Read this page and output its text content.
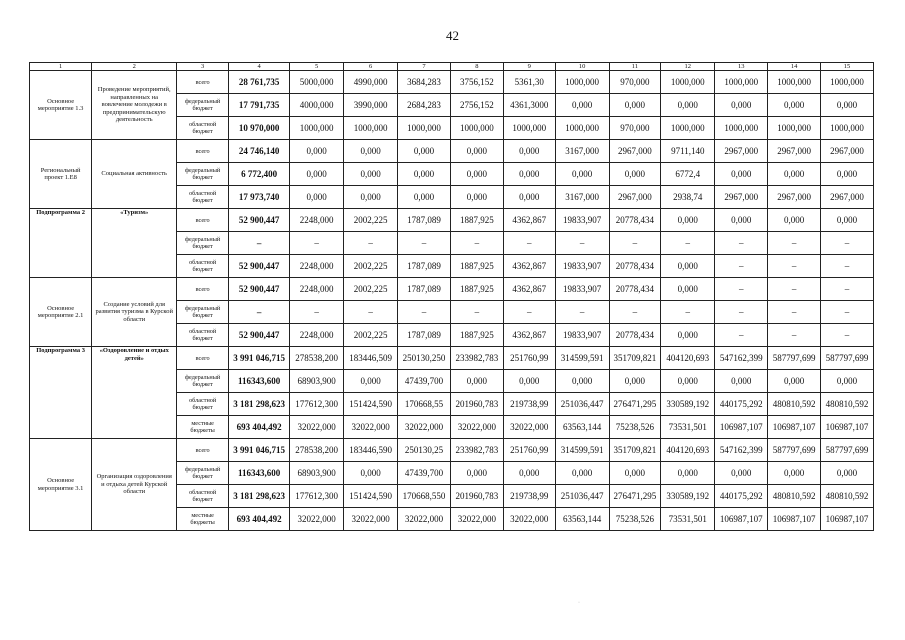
42
1	2	3	4	5	6	7	8	9	10	11	12	13	14	15
Основное мероприятие 1.3	Проведение мероприятий, направленных на вовлечение молодежи в предпринимательскую деятельность	всего	28 761,735	5000,000	4990,000	3684,283	3756,152	5361,30	1000,000	970,000	1000,000	1000,000	1000,000	1000,000
		федеральный бюджет	17 791,735	4000,000	3990,000	2684,283	2756,152	4361,3000	0,000	0,000	0,000	0,000	0,000	0,000
		областной бюджет	10 970,000	1000,000	1000,000	1000,000	1000,000	1000,000	1000,000	970,000	1000,000	1000,000	1000,000	1000,000
Региональный проект 1.Е8	Социальная активность	всего	24 746,140	0,000	0,000	0,000	0,000	0,000	3167,000	2967,000	9711,140	2967,000	2967,000	2967,000
		федеральный бюджет	6 772,400	0,000	0,000	0,000	0,000	0,000	0,000	0,000	6772,4	0,000	0,000	0,000
		областной бюджет	17 973,740	0,000	0,000	0,000	0,000	0,000	3167,000	2967,000	2938,74	2967,000	2967,000	2967,000
Подпрограмма 2	«Туризм»	всего	52 900,447	2248,000	2002,225	1787,089	1887,925	4362,867	19833,907	20778,434	0,000	0,000	0,000	0,000
		федеральный бюджет	–	–	–	–	–	–	–	–	–	–	–	–
		областной бюджет	52 900,447	2248,000	2002,225	1787,089	1887,925	4362,867	19833,907	20778,434	0,000	–	–	–
Основное мероприятие 2.1	Создание условий для развития туризма в Курской области	всего	52 900,447	2248,000	2002,225	1787,089	1887,925	4362,867	19833,907	20778,434	0,000	–	–	–
		федеральный бюджет	–	–	–	–	–	–	–	–	–	–	–	–
		областной бюджет	52 900,447	2248,000	2002,225	1787,089	1887,925	4362,867	19833,907	20778,434	0,000	–	–	–
Подпрограмма 3	«Оздоровление и отдых детей»	всего	3 991 046,715	278538,200	183446,509	250130,250	233982,783	251760,99	314599,591	351709,821	404120,693	547162,399	587797,699	587797,699
		федеральный бюджет	116343,600	68903,900	0,000	47439,700	0,000	0,000	0,000	0,000	0,000	0,000	0,000	0,000
		областной бюджет	3 181 298,623	177612,300	151424,590	170668,55	201960,783	219738,99	251036,447	276471,295	330589,192	440175,292	480810,592	480810,592
		местные бюджеты	693 404,492	32022,000	32022,000	32022,000	32022,000	32022,000	63563,144	75238,526	73531,501	106987,107	106987,107	106987,107
Основное мероприятие 3.1	Организация оздоровления и отдыха детей Курской области	всего	3 991 046,715	278538,200	183446,590	250130,25	233982,783	251760,99	314599,591	351709,821	404120,693	547162,399	587797,699	587797,699
		федеральный бюджет	116343,600	68903,900	0,000	47439,700	0,000	0,000	0,000	0,000	0,000	0,000	0,000	0,000
		областной бюджет	3 181 298,623	177612,300	151424,590	170668,550	201960,783	219738,99	251036,447	276471,295	330589,192	440175,292	480810,592	480810,592
		местные бюджеты	693 404,492	32022,000	32022,000	32022,000	32022,000	32022,000	63563,144	75238,526	73531,501	106987,107	106987,107	106987,107
·
